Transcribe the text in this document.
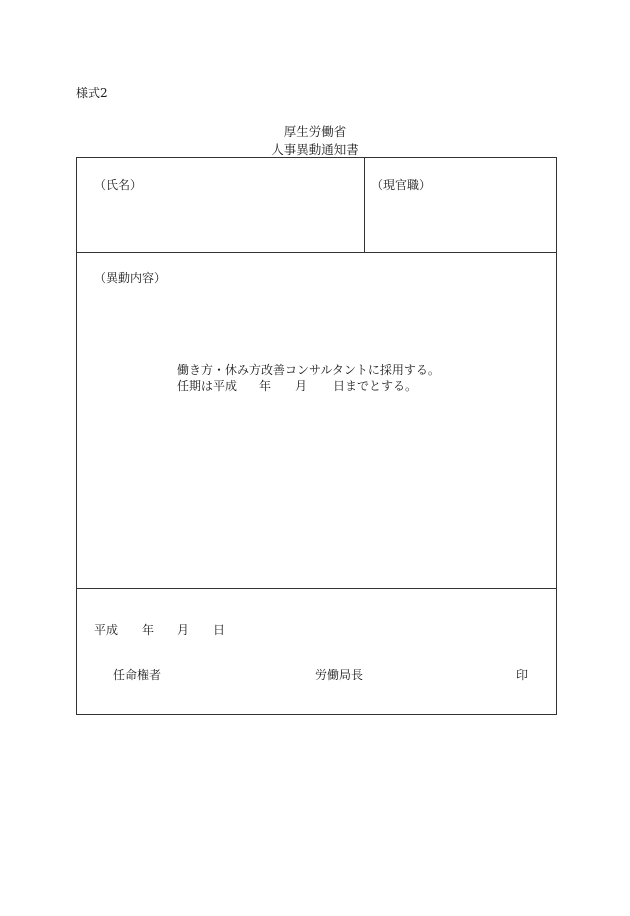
様式2
厚生労働省
人事異動通知書
（氏名）	（現官職）
（異動内容）
働き方・休み方改善コンサルタントに採用する。
任期は平成 年 月 日までとする。
平成 年 月 日
任命権者	労働局長	印
